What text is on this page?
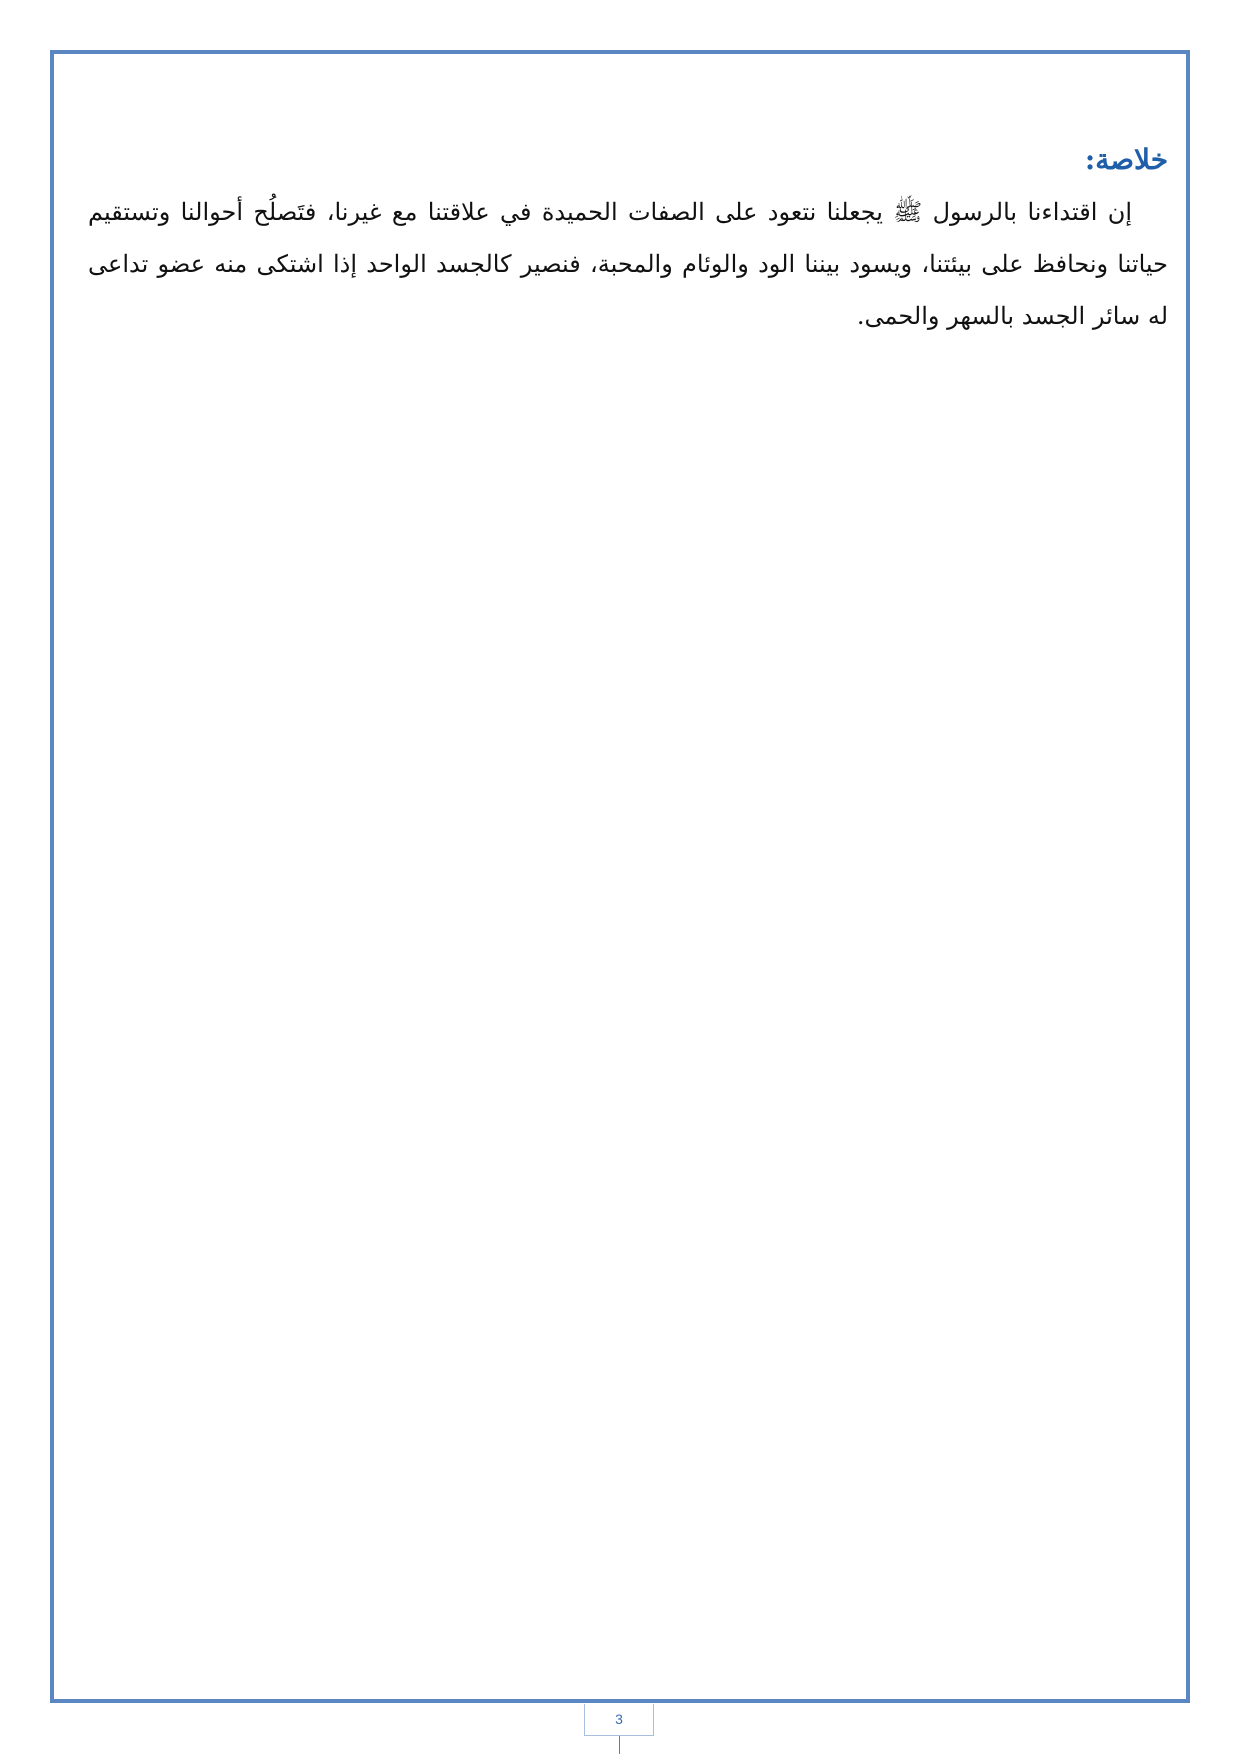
خلاصة:

إن اقتداءنا بالرسول ﷺ يجعلنا نتعود على الصفات الحميدة في علاقتنا مع غيرنا، فتَصلُح أحوالنا وتستقيم حياتنا ونحافظ على بيئتنا، ويسود بيننا الود والوئام والمحبة، فنصير كالجسد الواحد إذا اشتكى منه عضو تداعى له سائر الجسد بالسهر والحمى.

3
